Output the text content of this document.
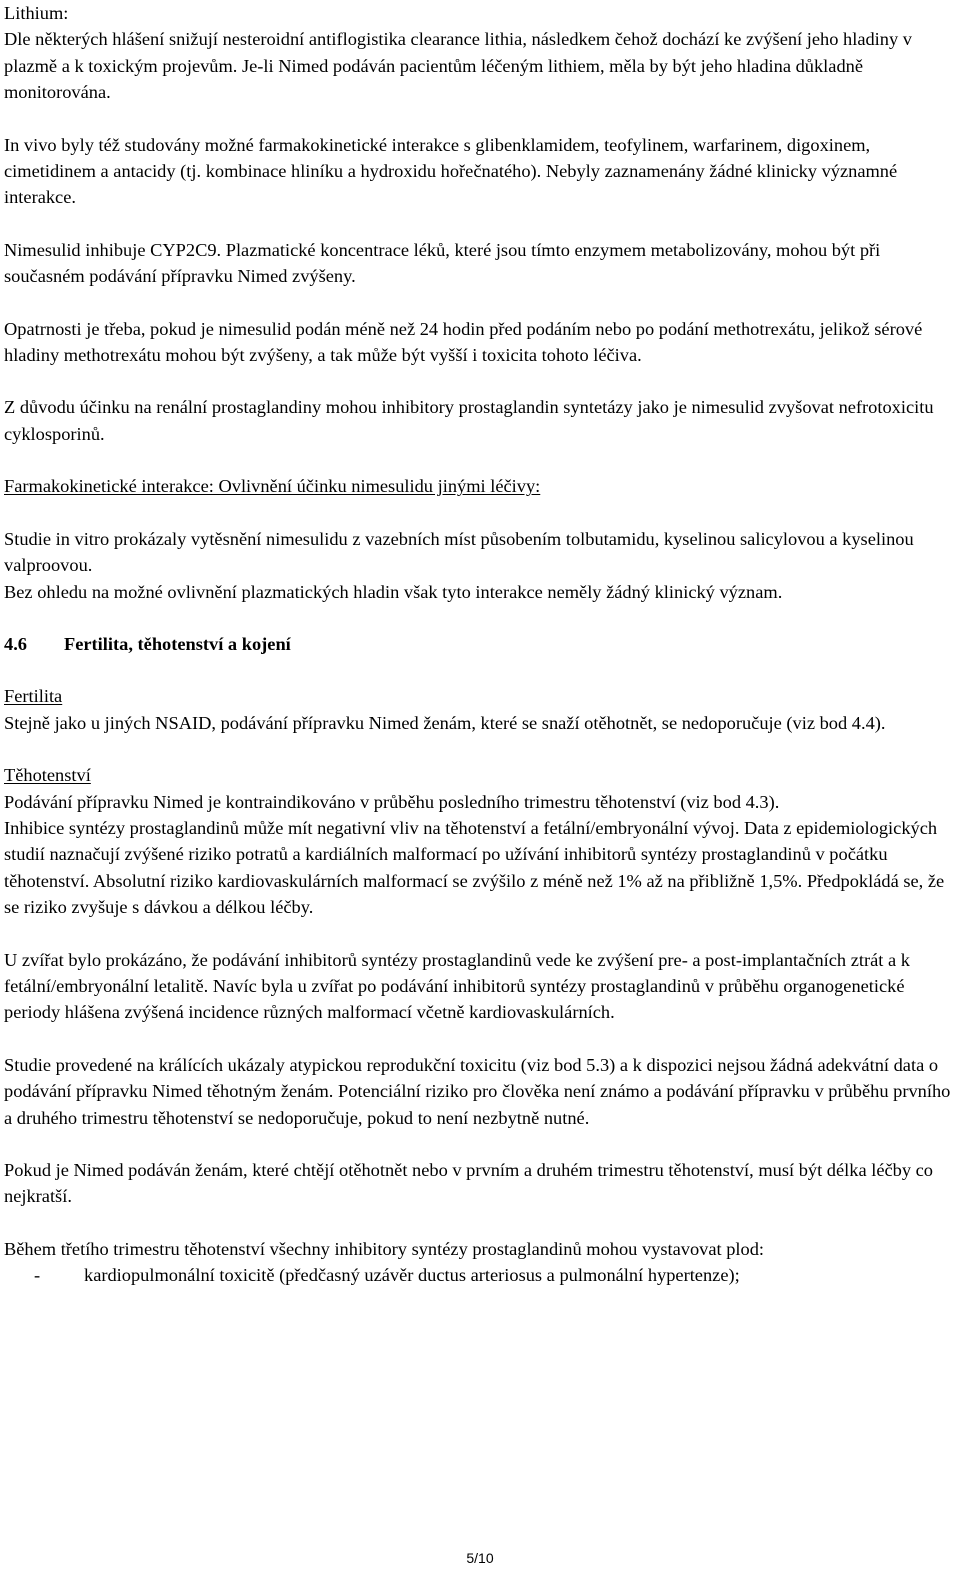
Lithium:

Dle některých hlášení snižují nesteroidní antiflogistika clearance lithia, následkem čehož dochází ke zvýšení jeho hladiny v plazmě a k toxickým projevům. Je-li Nimed podáván pacientům léčeným lithiem, měla by být jeho hladina důkladně monitorována.

In vivo byly též studovány možné farmakokinetické interakce s glibenklamidem, teofylinem, warfarinem, digoxinem, cimetidinem a antacidy (tj. kombinace hliníku a hydroxidu hořečnatého). Nebyly zaznamenány žádné klinicky významné interakce.

Nimesulid inhibuje CYP2C9. Plazmatické koncentrace léků, které jsou tímto enzymem metabolizovány, mohou být při současném podávání přípravku Nimed zvýšeny.

Opatrnosti je třeba, pokud je nimesulid podán méně než 24 hodin před podáním nebo po podání methotrexátu, jelikož sérové hladiny methotrexátu mohou být zvýšeny, a tak může být vyšší i toxicita tohoto léčiva.

Z důvodu účinku na renální prostaglandiny mohou inhibitory prostaglandin syntetázy jako je nimesulid zvyšovat nefrotoxicitu cyklosporinů.

Farmakokinetické interakce: Ovlivnění účinku nimesulidu jinými léčivy:

Studie in vitro prokázaly vytěsnění nimesulidu z vazebních míst působením tolbutamidu, kyselinou salicylovou a kyselinou valproovou.

Bez ohledu na možné ovlivnění plazmatických hladin však tyto interakce neměly žádný klinický význam.

4.6	Fertilita, těhotenství a kojení

Fertilita

Stejně jako u jiných NSAID, podávání přípravku Nimed ženám, které se snaží otěhotnět, se nedoporučuje (viz bod 4.4).

Těhotenství

Podávání přípravku Nimed je kontraindikováno v průběhu posledního trimestru těhotenství (viz bod 4.3).

Inhibice syntézy prostaglandinů může mít negativní vliv na těhotenství a fetální/embryonální vývoj. Data z epidemiologických studií naznačují zvýšené riziko potratů a kardiálních malformací po užívání inhibitorů syntézy prostaglandinů v počátku těhotenství. Absolutní riziko kardiovaskulárních malformací se zvýšilo z méně než 1% až na přibližně 1,5%. Předpokládá se, že se riziko zvyšuje s dávkou a délkou léčby.

U zvířat bylo prokázáno, že podávání inhibitorů syntézy prostaglandinů vede ke zvýšení pre- a post-implantačních ztrát a k fetální/embryonální letalitě. Navíc byla u zvířat po podávání inhibitorů syntézy prostaglandinů v průběhu organogenetické periody hlášena zvýšená incidence různých malformací včetně kardiovaskulárních.

Studie provedené na králících ukázaly atypickou reprodukční toxicitu (viz bod 5.3) a k dispozici nejsou žádná adekvátní data o podávání přípravku Nimed těhotným ženám. Potenciální riziko pro člověka není známo a podávání přípravku v průběhu prvního a druhého trimestru těhotenství se nedoporučuje, pokud to není nezbytně nutné.

Pokud je Nimed podáván ženám, které chtějí otěhotnět nebo v prvním a druhém trimestru těhotenství, musí být délka léčby co nejkratší.

Během třetího trimestru těhotenství všechny inhibitory syntézy prostaglandinů mohou vystavovat plod:

-	kardiopulmonální toxicitě (předčasný uzávěr ductus arteriosus a pulmonální hypertenze);
5/10
